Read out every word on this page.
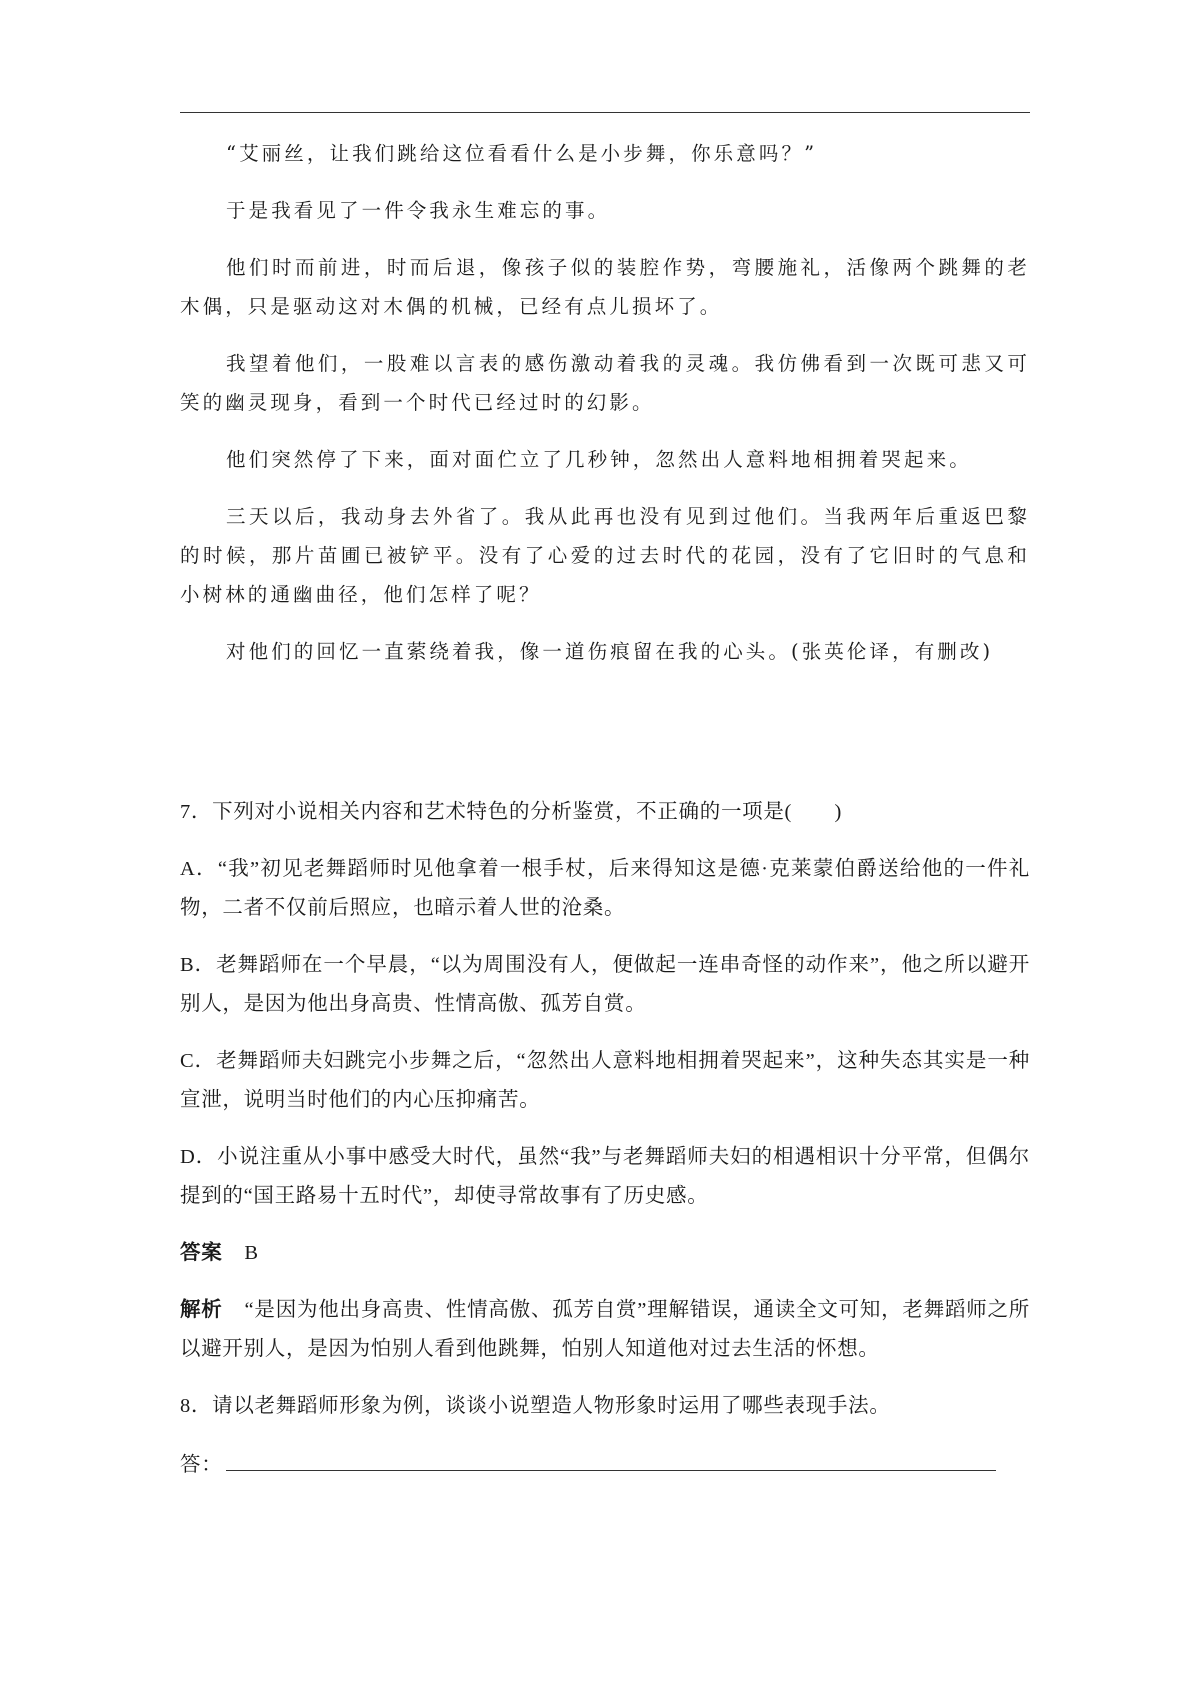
“艾丽丝，让我们跳给这位看看什么是小步舞，你乐意吗？”

于是我看见了一件令我永生难忘的事。

他们时而前进，时而后退，像孩子似的装腔作势，弯腰施礼，活像两个跳舞的老木偶，只是驱动这对木偶的机械，已经有点儿损坏了。

我望着他们，一股难以言表的感伤激动着我的灵魂。我仿佛看到一次既可悲又可笑的幽灵现身，看到一个时代已经过时的幻影。

他们突然停了下来，面对面伫立了几秒钟，忽然出人意料地相拥着哭起来。

三天以后，我动身去外省了。我从此再也没有见到过他们。当我两年后重返巴黎的时候，那片苗圃已被铲平。没有了心爱的过去时代的花园，没有了它旧时的气息和小树林的通幽曲径，他们怎样了呢？

对他们的回忆一直萦绕着我，像一道伤痕留在我的心头。(张英伦译，有删改)

7．下列对小说相关内容和艺术特色的分析鉴赏，不正确的一项是(　　)

A．“我”初见老舞蹈师时见他拿着一根手杖，后来得知这是德·克莱蒙伯爵送给他的一件礼物，二者不仅前后照应，也暗示着人世的沧桑。

B．老舞蹈师在一个早晨，“以为周围没有人，便做起一连串奇怪的动作来”，他之所以避开别人，是因为他出身高贵、性情高傲、孤芳自赏。

C．老舞蹈师夫妇跳完小步舞之后，“忽然出人意料地相拥着哭起来”，这种失态其实是一种宣泄，说明当时他们的内心压抑痛苦。

D．小说注重从小事中感受大时代，虽然“我”与老舞蹈师夫妇的相遇相识十分平常，但偶尔提到的“国王路易十五时代”，却使寻常故事有了历史感。

答案 B

解析 “是因为他出身高贵、性情高傲、孤芳自赏”理解错误，通读全文可知，老舞蹈师之所以避开别人，是因为怕别人看到他跳舞，怕别人知道他对过去生活的怀想。

8．请以老舞蹈师形象为例，谈谈小说塑造人物形象时运用了哪些表现手法。

答：
